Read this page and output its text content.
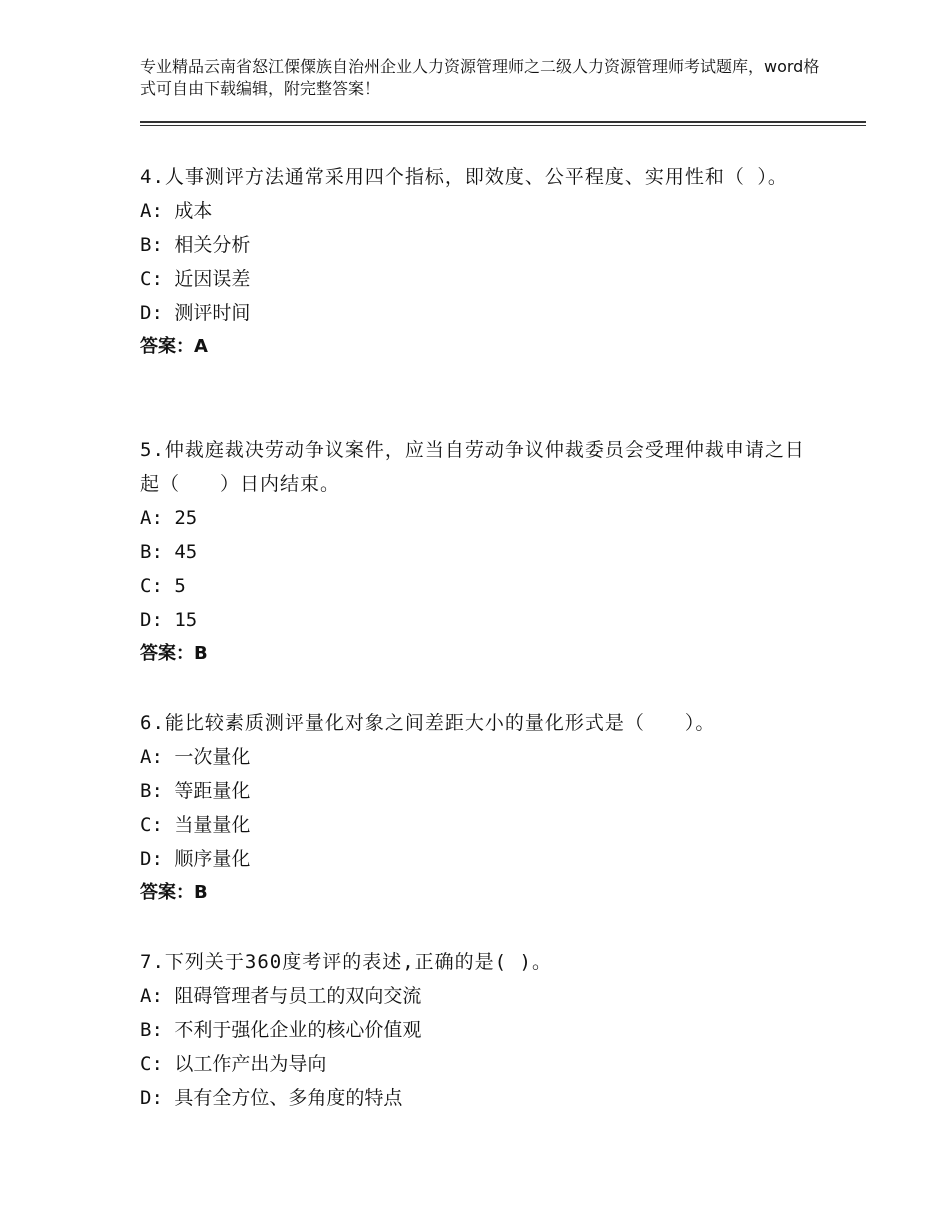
专业精品云南省怒江傈僳族自治州企业人力资源管理师之二级人力资源管理师考试题库，word格式可自由下载编辑，附完整答案！
4.人事测评方法通常采用四个指标，即效度、公平程度、实用性和（ ）。
A: 成本
B: 相关分析
C: 近因误差
D: 测评时间
答案：A
5.仲裁庭裁决劳动争议案件，应当自劳动争议仲裁委员会受理仲裁申请之日起（　　）日内结束。
A: 25
B: 45
C: 5
D: 15
答案：B
6.能比较素质测评量化对象之间差距大小的量化形式是（　　）。
A: 一次量化
B: 等距量化
C: 当量量化
D: 顺序量化
答案：B
7.下列关于360度考评的表述,正确的是( )。
A: 阻碍管理者与员工的双向交流
B: 不利于强化企业的核心价值观
C: 以工作产出为导向
D: 具有全方位、多角度的特点
